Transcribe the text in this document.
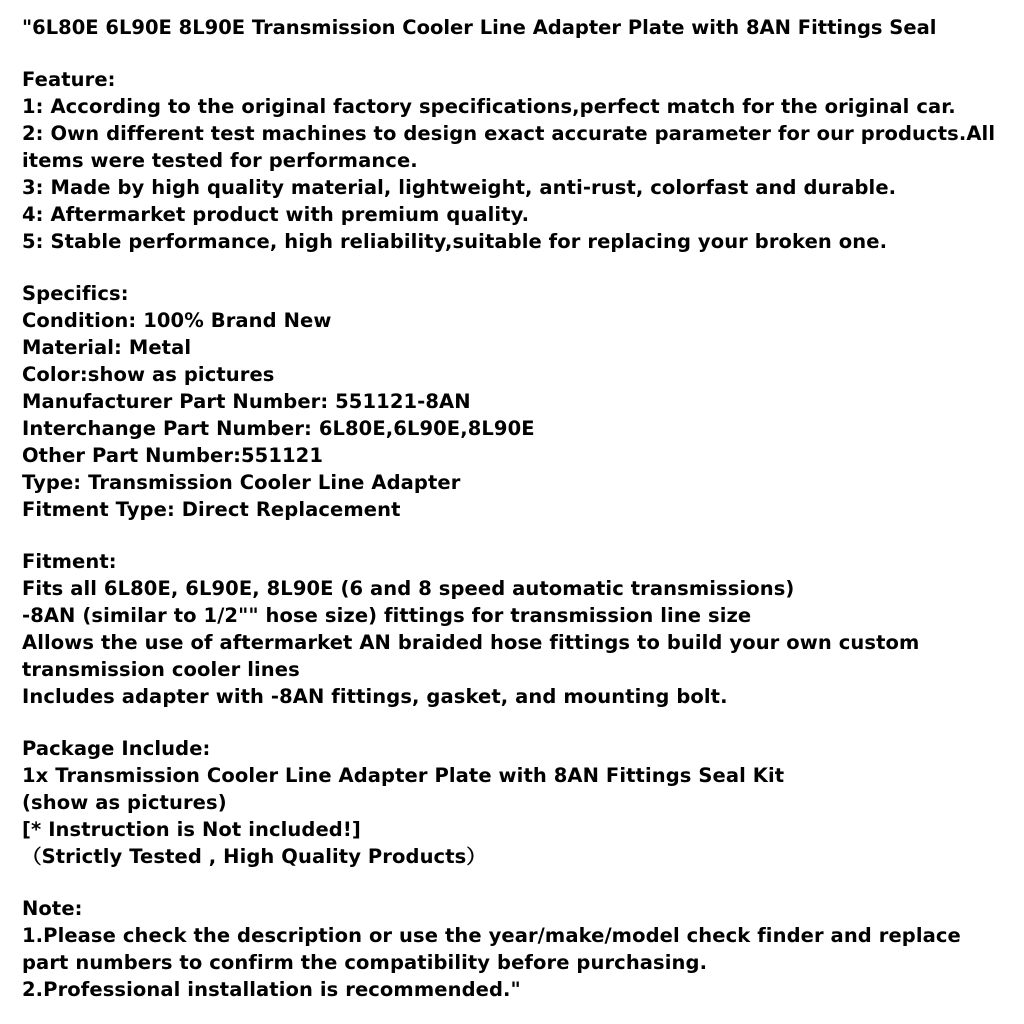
"6L80E 6L90E 8L90E Transmission Cooler Line Adapter Plate with 8AN Fittings Seal
Feature:
1: According to the original factory specifications,perfect match for the original car.
2: Own different test machines to design exact accurate parameter for our products.All items were tested for performance.
3: Made by high quality material, lightweight, anti-rust, colorfast and durable.
4: Aftermarket product with premium quality.
5: Stable performance, high reliability,suitable for replacing your broken one.
Specifics:
Condition: 100% Brand New
Material: Metal
Color:show as pictures
Manufacturer Part Number: 551121-8AN
Interchange Part Number: 6L80E,6L90E,8L90E
Other Part Number:551121
Type: Transmission Cooler Line Adapter
Fitment Type: Direct Replacement
Fitment:
Fits all 6L80E, 6L90E, 8L90E (6 and 8 speed automatic transmissions)
-8AN (similar to 1/2"" hose size) fittings for transmission line size
Allows the use of aftermarket AN braided hose fittings to build your own custom transmission cooler lines
Includes adapter with -8AN fittings, gasket, and mounting bolt.
Package Include:
1x Transmission Cooler Line Adapter Plate with 8AN Fittings Seal Kit
(show as pictures)
[* Instruction is Not included!]
（Strictly Tested , High Quality Products）
Note:
1.Please check the description or use the year/make/model check finder and replace part numbers to confirm the compatibility before purchasing.
2.Professional installation is recommended."
